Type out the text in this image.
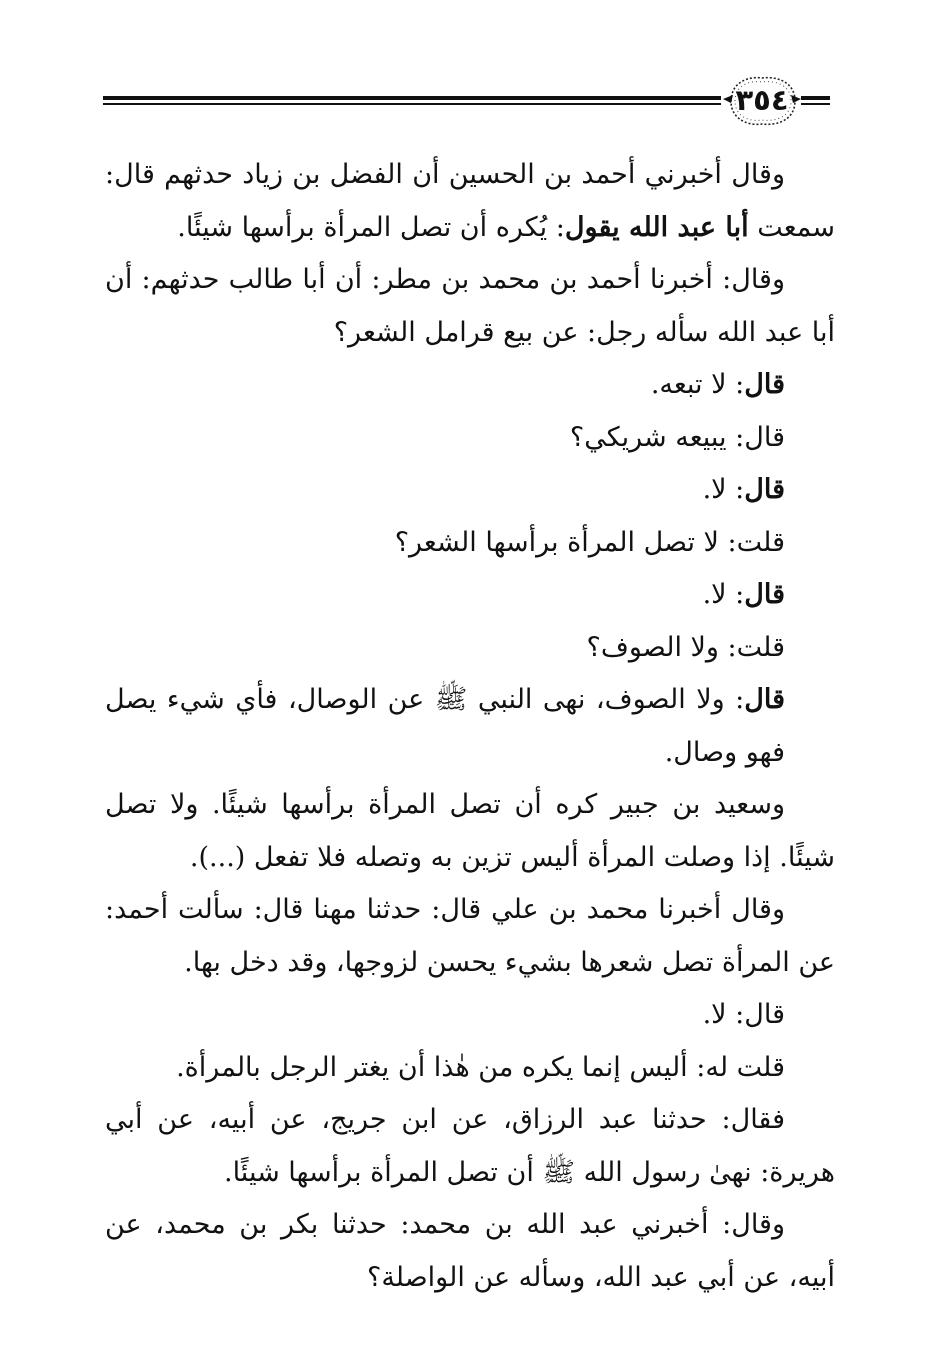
٣٥٤

وقال أخبرني أحمد بن الحسين أن الفضل بن زياد حدثهم قال: سمعت أبا عبد الله يقول: يُكره أن تصل المرأة برأسها شيئًا.

وقال: أخبرنا أحمد بن محمد بن مطر: أن أبا طالب حدثهم: أن أبا عبد الله سأله رجل: عن بيع قرامل الشعر؟

قال: لا تبعه.

قال: يبيعه شريكي؟

قال: لا.

قلت: لا تصل المرأة برأسها الشعر؟

قال: لا.

قلت: ولا الصوف؟

قال: ولا الصوف، نهى النبي ﷺ عن الوصال، فأي شيء يصل فهو وصال.

وسعيد بن جبير كره أن تصل المرأة برأسها شيئًا. ولا تصل شيئًا. إذا وصلت المرأة أليس تزين به وتصله فلا تفعل (...).

وقال أخبرنا محمد بن علي قال: حدثنا مهنا قال: سألت أحمد: عن المرأة تصل شعرها بشيء يحسن لزوجها، وقد دخل بها.

قال: لا.

قلت له: أليس إنما يكره من هٰذا أن يغتر الرجل بالمرأة.

فقال: حدثنا عبد الرزاق، عن ابن جريج، عن أبيه، عن أبي هريرة: نهىٰ رسول الله ﷺ أن تصل المرأة برأسها شيئًا.

وقال: أخبرني عبد الله بن محمد: حدثنا بكر بن محمد، عن أبيه، عن أبي عبد الله، وسأله عن الواصلة؟
